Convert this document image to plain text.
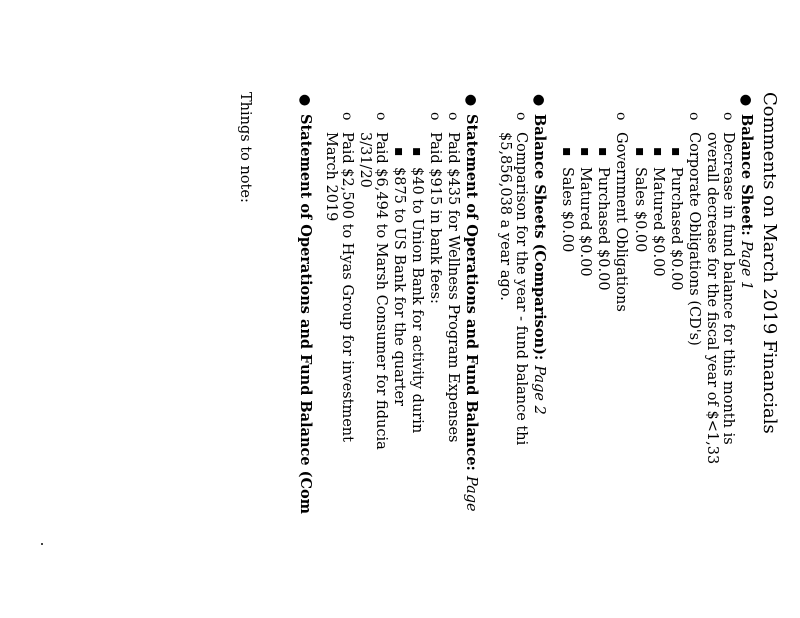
Comments on March 2019 Financials
●
Balance Sheet: Page 1
o
Decrease in fund balance for this month is
overall decrease for the fiscal year of $<1,33
o
Corporate Obligations (CD's)
▪
Purchased $0.00
▪
Matured $0.00
▪
Sales $0.00
o
Government Obligations
▪
Purchased $0.00
▪
Matured $0.00
▪
Sales $0.00
●
Balance Sheets (Comparison): Page 2
o
Comparison for the year - fund balance thi
$5,856,038 a year ago.
●
Statement of Operations and Fund Balance: Page
o
Paid $435 for Wellness Program Expenses
o
Paid $915 in bank fees:
▪
$40 to Union Bank for activity durin
▪
$875 to US Bank for the quarter
o
Paid $6,494 to Marsh Consumer for fiducia
3/31/20
o
Paid $2,500 to Hyas Group for investment
March 2019
●
Statement of Operations and Fund Balance (Com
Things to note:
